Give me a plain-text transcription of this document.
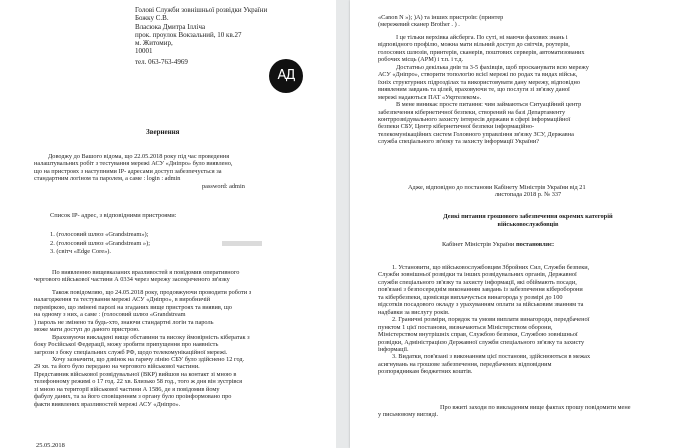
Голові Служби зовнішньої розвідки України
Божку С.В.
Власюка Дмитра Ілліча
прок. проулок Вокзальний, 10 кв.27
м. Житомир,
10001
тел. 063-763-4969
АД
Звернення
Доводжу до Вашого відома, що 22.05.2018 року під час проведення
налаштувальних робіт з тестування мережі АСУ «Дніпро» було виявлено,
що на пристроях з наступними IP- адресами доступ забезпечується за
стандартним логіном та паролем, а саме : login : admin
password: admin
Список IP- адрес, з відповідними пристроями:
1. (голосовий шлюз «Grandstream»);
2. (голосовий шлюз «Grandstream »);
3. (свiтч «Edge Core»).
По виявленню вищевказаних вразливостей я повідомив оперативного
чергового військової частини А 0334 через мережу засекреченого зв'язку
Також повідомляю, що 24.05.2018 року, продовжуючи проводити роботи з
налагодження та тестування мережі АСУ «Дніпро», в виробничій
перевіркою, що змінені паролі на згаданих вище пристроях та виявив, що
на одному з них, а саме : (голосовий шлюз «Grandstream
) пароль не змінено та будь-хто, знаючи стандартні логін та пароль
може мати доступ до даного пристрою.
Враховуючи викладені вище обставини та високу ймовірність кібератак з
боку Російської Федерації, можу зробити припущення про наявність
загрози з боку спеціальних служб РФ, щодо телекомунікаційної мережі.
Хочу зазначити, що дзвінок на гарячу лінію СБУ було здійснено 12 год.
29 хв. та його було передано на чергового військової частини.
Представник військової розвідувальної (ВКР) вийшов на контакт зі мною в
телефонному режимі о 17 год. 22 хв. Близько 58 год., того ж дня він зустрівся
зі мною на території військової частини А 1586, де я повідомив йому
фабулу даних, та за його сповіщенням з органу було проінформовано про
факти виявлених вразливостей мережі АСУ «Дніпро».
25.05.2018
«Canon N »); )А) та інших пристроїв: (принтер
(мережевий сканер Brother . ) .
І це тільки верхівка айсберга. По суті, ні маючи фахових знань і
відповідного профілю, можна мати вільний доступ до світчів, роутерів,
голосових шлюзів, принтерів, сканерів, поштових серверів, автоматизованих
робочих місць (АРМ) і т.п. і т.д.
Достатньо декілька днів та 3-5 фахівців, щоб просканувати всю мережу
АСУ «Дніпро», створити топологію всієї мережі по родах та видах військ,
їхніх структурних підрозділах та використовувати дану мережу, відповідно
виявленим завдань та цілей, враховуючи те, що послуги зі зв'язку даної
мережі надаються ПАТ «Укртелеком».
В мене виникає просте питання: чим займаються Ситуаційний центр
забезпечення кібернетичної безпеки, створений на базі Департаменту
контррозвідувального захисту інтересів держави в сфері інформаційної
безпеки СБУ, Центр кібернетичної безпеки інформаційно-
телекомунікаційних систем Головного управління зв'язку ЗСУ, Державна
служба спеціального зв'язку та захисту інформації України?
Адже, відповідно до постанови Кабінету Міністрів України від 21
листопада 2018 р. № 337
Деякі питання грошового забезпечення окремих категорій
військовослужбовців
Кабінет Міністрів України постановляє:
1. Установити, що військовослужбовцям Збройних Сил, Служби безпеки,
Служби зовнішньої розвідки та інших розвідувальних органів, Державної
служби спеціального зв'язку та захисту інформації, які обіймають посади,
пов'язані з безпосереднім виконанням завдань із забезпечення кібероборони
та кібербезпеки, щомісяця виплачується винагорода у розмірі до 100
відсотків посадового окладу з урахуванням оплати за військовим званням та
надбавки за вислугу років.
2. Граничні розміри, порядок та умови виплати винагороди, передбаченої
пунктом 1 цієї постанови, визначаються Міністерством оборони,
Міністерством внутрішніх справ, Службою безпеки, Службою зовнішньої
розвідки, Адміністрацією Державної служби спеціального зв'язку та захисту
інформації.
3. Видатки, пов'язані з виконанням цієї постанови, здійснюються в межах
асигнувань на грошове забезпечення, передбачених відповідним
розпорядникам бюджетних коштів.
Про вжиті заходи по викладеним вище фактах прошу повідомити мене
у письмовому вигляді.
